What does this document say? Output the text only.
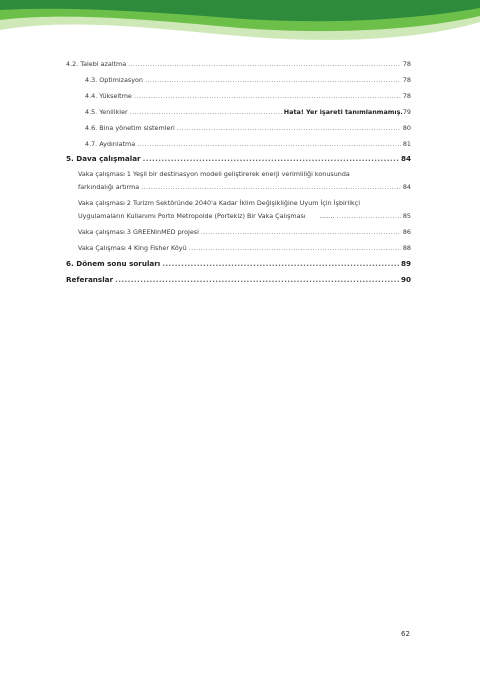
4.2. Talebi azaltma .....	78
4.3. Optimizasyon .....	78
4.4. Yükseltme .....	78
4.5. Yenilikler .....	Hata! Yer işareti tanımlanmamış. 79
4.6. Bina yönetim sistemleri .....	80
4.7. Aydınlatma .....	81
5. Dava çalışmalar .....	84
Vaka çalışması 1 Yeşil bir destinasyon modeli geliştirerek enerji verimliliği konusunda
farkındalığı artırma .....	84
Vaka çalışması 2 Turizm Sektöründe 2040'a Kadar İklim Değişikliğine Uyum İçin İşbirlikçi
Uygulamaların Kullanımı Porto Metropolde (Portekiz) Bir Vaka Çalışması ……. .....	85
Vaka çalışması 3 GREENinMED projesi .....	86
Vaka Çalışması 4 King Fisher Köyü .....	88
6. Dönem sonu soruları .....	89
Referanslar .....	90
62
